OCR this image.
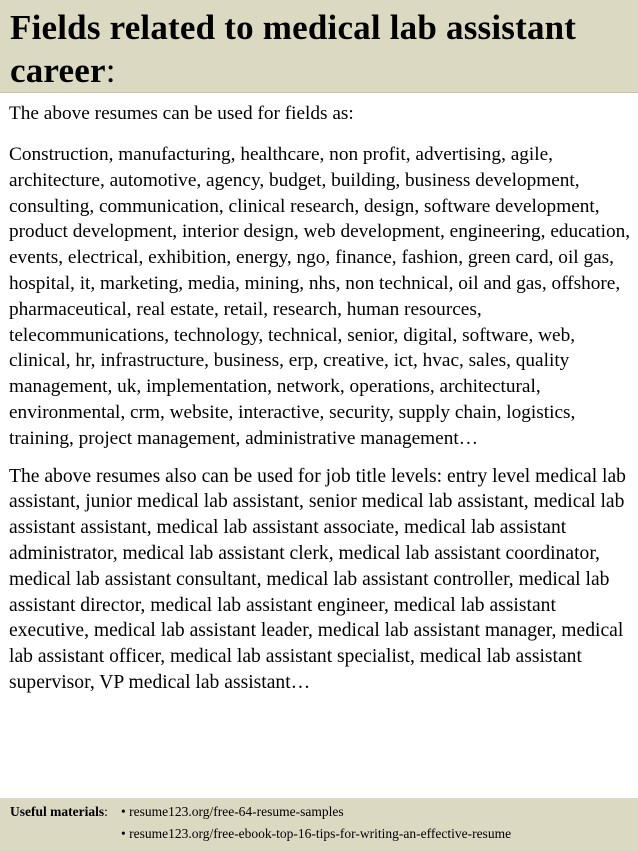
Fields related to medical lab assistant career:

The above resumes can be used for fields as:

Construction, manufacturing, healthcare, non profit, advertising, agile, architecture, automotive, agency, budget, building, business development, consulting, communication, clinical research, design, software development, product development, interior design, web development, engineering, education, events, electrical, exhibition, energy, ngo, finance, fashion, green card, oil gas, hospital, it, marketing, media, mining, nhs, non technical, oil and gas, offshore, pharmaceutical, real estate, retail, research, human resources, telecommunications, technology, technical, senior, digital, software, web, clinical, hr, infrastructure, business, erp, creative, ict, hvac, sales, quality management, uk, implementation, network, operations, architectural, environmental, crm, website, interactive, security, supply chain, logistics, training, project management, administrative management…

The above resumes also can be used for job title levels: entry level medical lab assistant, junior medical lab assistant, senior medical lab assistant, medical lab assistant assistant, medical lab assistant associate, medical lab assistant administrator, medical lab assistant clerk, medical lab assistant coordinator, medical lab assistant consultant, medical lab assistant controller, medical lab assistant director, medical lab assistant engineer, medical lab assistant executive, medical lab assistant leader, medical lab assistant manager, medical lab assistant officer, medical lab assistant specialist, medical lab assistant supervisor, VP medical lab assistant…

Useful materials: • resume123.org/free-64-resume-samples
• resume123.org/free-ebook-top-16-tips-for-writing-an-effective-resume
